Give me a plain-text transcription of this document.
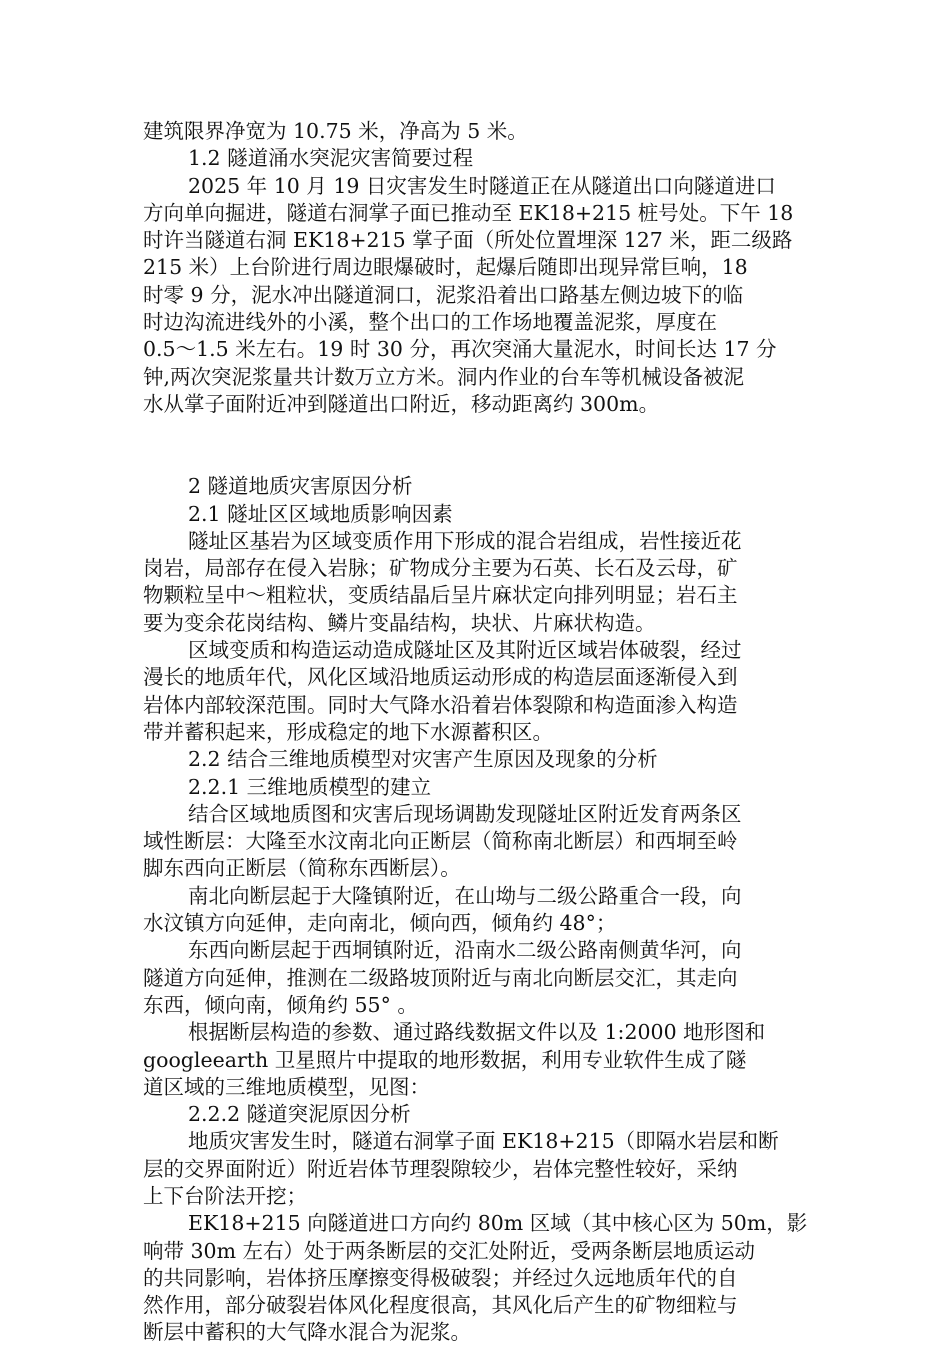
建筑限界净宽为 10.75 米，净高为 5 米。
1.2 隧道涌水突泥灾害简要过程
2025 年 10 月 19 日灾害发生时隧道正在从隧道出口向隧道进口
方向单向掘进，隧道右洞掌子面已推动至 EK18+215 桩号处。下午 18
时许当隧道右洞 EK18+215 掌子面（所处位置埋深 127 米，距二级路
215 米）上台阶进行周边眼爆破时，起爆后随即出现异常巨响，18
时零 9 分，泥水冲出隧道洞口，泥浆沿着出口路基左侧边坡下的临
时边沟流进线外的小溪，整个出口的工作场地覆盖泥浆，厚度在
0.5～1.5 米左右。19 时 30 分，再次突涌大量泥水，时间长达 17 分
钟,两次突泥浆量共计数万立方米。洞内作业的台车等机械设备被泥
水从掌子面附近冲到隧道出口附近，移动距离约 300m。
2 隧道地质灾害原因分析
2.1 隧址区区域地质影响因素
隧址区基岩为区域变质作用下形成的混合岩组成，岩性接近花
岗岩，局部存在侵入岩脉；矿物成分主要为石英、长石及云母，矿
物颗粒呈中～粗粒状，变质结晶后呈片麻状定向排列明显；岩石主
要为变余花岗结构、鳞片变晶结构，块状、片麻状构造。
区域变质和构造运动造成隧址区及其附近区域岩体破裂，经过
漫长的地质年代，风化区域沿地质运动形成的构造层面逐渐侵入到
岩体内部较深范围。同时大气降水沿着岩体裂隙和构造面渗入构造
带并蓄积起来，形成稳定的地下水源蓄积区。
2.2 结合三维地质模型对灾害产生原因及现象的分析
2.2.1 三维地质模型的建立
结合区域地质图和灾害后现场调勘发现隧址区附近发育两条区
域性断层：大隆至水汶南北向正断层（简称南北断层）和西垌至岭
脚东西向正断层（简称东西断层）。
南北向断层起于大隆镇附近，在山坳与二级公路重合一段，向
水汶镇方向延伸，走向南北，倾向西，倾角约 48°；
东西向断层起于西垌镇附近，沿南水二级公路南侧黄华河，向
隧道方向延伸，推测在二级路坡顶附近与南北向断层交汇，其走向
东西，倾向南，倾角约 55° 。
根据断层构造的参数、通过路线数据文件以及 1:2000 地形图和
googleearth 卫星照片中提取的地形数据，利用专业软件生成了隧
道区域的三维地质模型，见图：
2.2.2 隧道突泥原因分析
地质灾害发生时，隧道右洞掌子面 EK18+215（即隔水岩层和断
层的交界面附近）附近岩体节理裂隙较少，岩体完整性较好，采纳
上下台阶法开挖；
EK18+215 向隧道进口方向约 80m 区域（其中核心区为 50m，影
响带 30m 左右）处于两条断层的交汇处附近，受两条断层地质运动
的共同影响，岩体挤压摩擦变得极破裂；并经过久远地质年代的自
然作用，部分破裂岩体风化程度很高，其风化后产生的矿物细粒与
断层中蓄积的大气降水混合为泥浆。
